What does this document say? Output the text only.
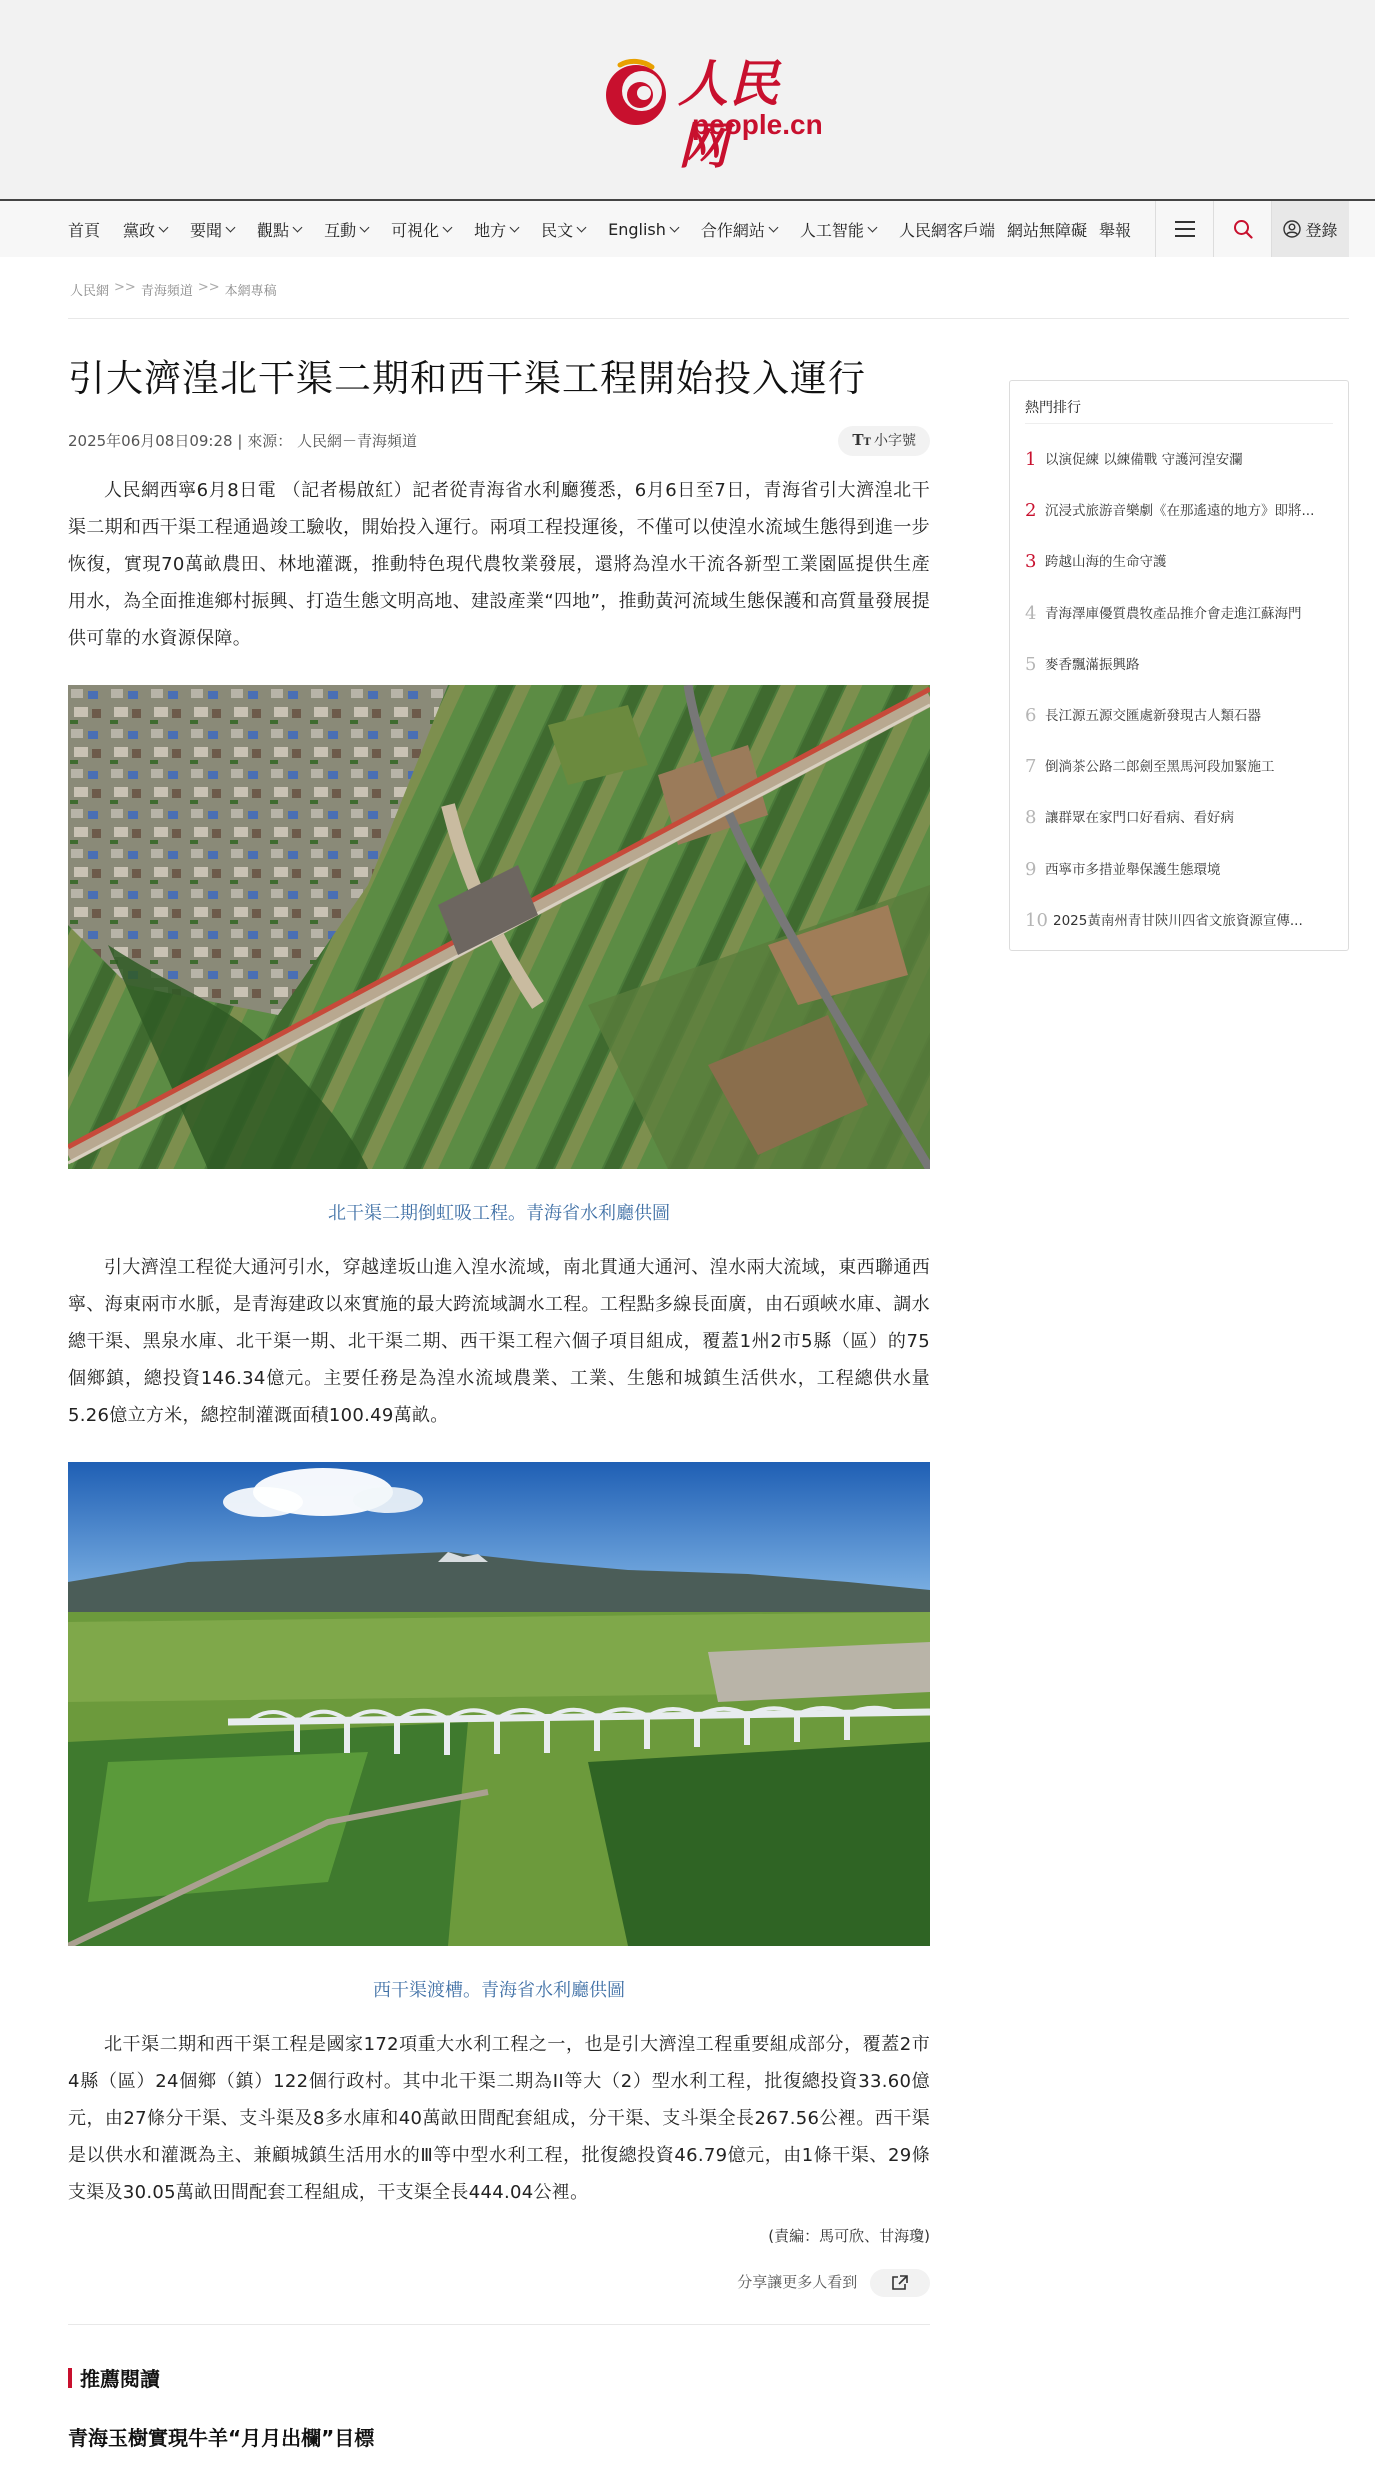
人民网
people.cn
首頁 黨政 要聞 觀點 互動 可視化 地方 民文 English 合作網站 人工智能 人民網客戶端 網站無障礙 舉報	登錄
人民網 >> 青海頻道 >> 本網專稿
引大濟湟北干渠二期和西干渠工程開始投入運行
2025年06月08日09:28 | 來源： 人民網－青海頻道	TT 小字號

人民網西寧6月8日電 （記者楊啟紅）記者從青海省水利廳獲悉，6月6日至7日，青海省引大濟湟北干渠二期和西干渠工程通過竣工驗收，開始投入運行。兩項工程投運後，不僅可以使湟水流域生態得到進一步恢復，實現70萬畝農田、林地灌溉，推動特色現代農牧業發展，還將為湟水干流各新型工業園區提供生產用水，為全面推進鄉村振興、打造生態文明高地、建設產業“四地”，推動黃河流域生態保護和高質量發展提供可靠的水資源保障。

北干渠二期倒虹吸工程。青海省水利廳供圖

引大濟湟工程從大通河引水，穿越達坂山進入湟水流域，南北貫通大通河、湟水兩大流域，東西聯通西寧、海東兩市水脈，是青海建政以來實施的最大跨流域調水工程。工程點多線長面廣，由石頭峽水庫、調水總干渠、黑泉水庫、北干渠一期、北干渠二期、西干渠工程六個子項目組成，覆蓋1州2市5縣（區）的75個鄉鎮，總投資146.34億元。主要任務是為湟水流域農業、工業、生態和城鎮生活供水，工程總供水量5.26億立方米，總控制灌溉面積100.49萬畝。

西干渠渡槽。青海省水利廳供圖

北干渠二期和西干渠工程是國家172項重大水利工程之一，也是引大濟湟工程重要組成部分，覆蓋2市4縣（區）24個鄉（鎮）122個行政村。其中北干渠二期為II等大（2）型水利工程，批復總投資33.60億元，由27條分干渠、支斗渠及8多水庫和40萬畝田間配套組成，分干渠、支斗渠全長267.56公裡。西干渠是以供水和灌溉為主、兼顧城鎮生活用水的Ⅲ等中型水利工程，批復總投資46.79億元，由1條干渠、29條支渠及30.05萬畝田間配套工程組成，干支渠全長444.04公裡。

(責編：馬可欣、甘海瓊)

分享讓更多人看到
推薦閱讀
青海玉樹實現牛羊“月月出欄”目標
熱門排行
1 以演促練 以練備戰 守護河湟安瀾
2 沉浸式旅游音樂劇《在那遙遠的地方》即將...
3 跨越山海的生命守護
4 青海澤庫優質農牧產品推介會走進江蘇海門
5 麥香飄滿振興路
6 長江源五源交匯處新發現古人類石器
7 倒淌茶公路二郎劍至黑馬河段加緊施工
8 讓群眾在家門口好看病、看好病
9 西寧市多措並舉保護生態環境
10 2025黃南州青甘陝川四省文旅資源宣傳...
